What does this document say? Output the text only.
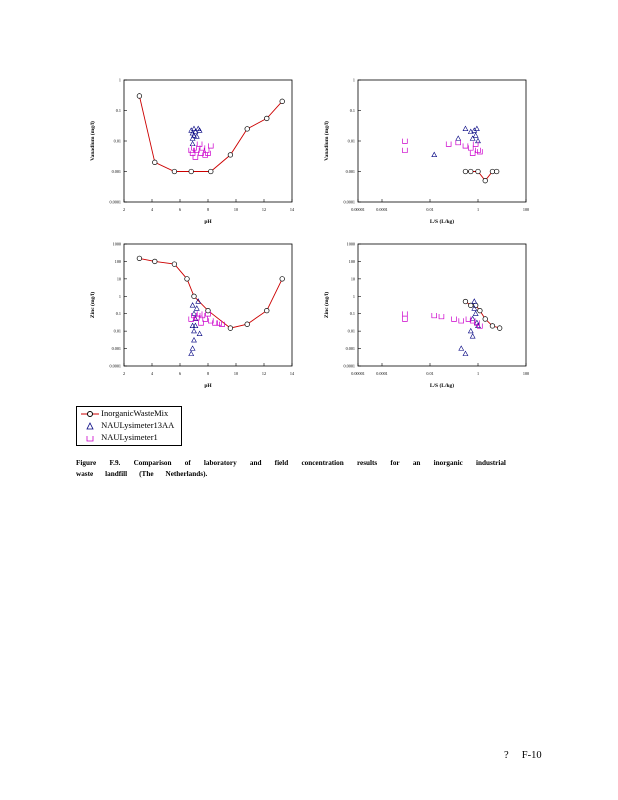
0.0001
0.001
0.01
0.1
1
2	4	6	8	10	12	14
pH
Vanadium (mg/l)
0.0001
0.001
0.01
0.1
1
0.00001	0.0001	0.01	1	100
L/S (L/kg)
Vanadium (mg/l)
0.0001
0.001
0.01
0.1
1
10
100
1000
2	4	6	8	10	12	14
pH
Zinc (mg/l)
0.0001
0.001
0.01
0.1
1
10
100
1000
0.00001	0.0001	0.01	1	100
L/S (L/kg)
Zinc (mg/l)
InorganicWasteMix
NAULysimeter13AA
NAULysimeter1
Figure F.9. Comparison of laboratory and field concentration results for an inorganic industrial
waste landfill (The Netherlands).
? F-10
